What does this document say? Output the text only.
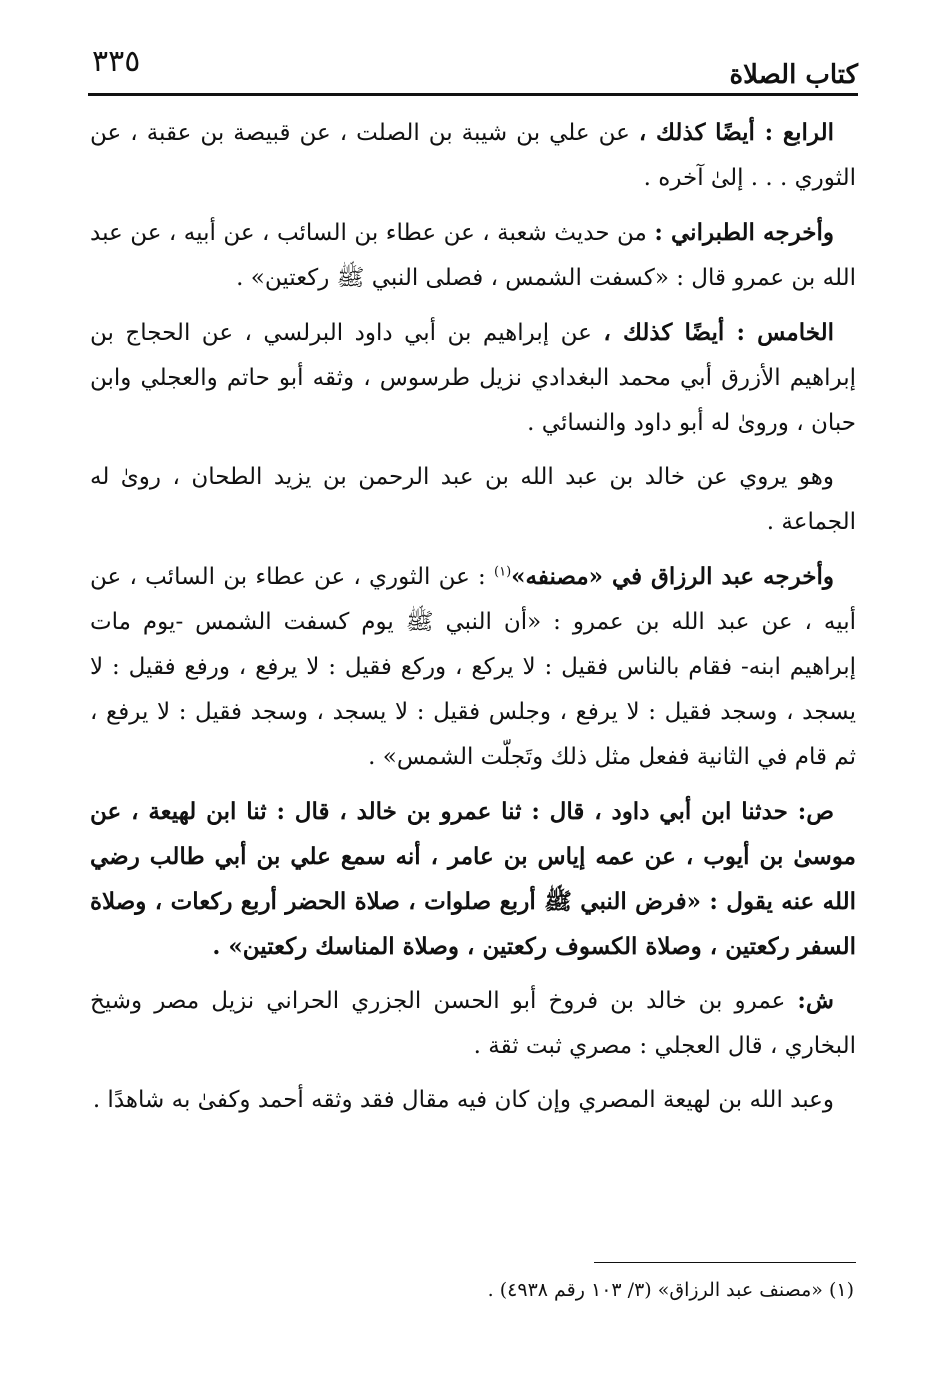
كتاب الصلاة
٣٣٥

الرابع : أيضًا كذلك ، عن علي بن شيبة بن الصلت ، عن قبيصة بن عقبة ، عن الثوري . . . إلىٰ آخره .

وأخرجه الطبراني : من حديث شعبة ، عن عطاء بن السائب ، عن أبيه ، عن عبد الله بن عمرو قال : «كسفت الشمس ، فصلى النبي ﷺ ركعتين» .

الخامس : أيضًا كذلك ، عن إبراهيم بن أبي داود البرلسي ، عن الحجاج بن إبراهيم الأزرق أبي محمد البغدادي نزيل طرسوس ، وثقه أبو حاتم والعجلي وابن حبان ، وروىٰ له أبو داود والنسائي .

وهو يروي عن خالد بن عبد الله بن عبد الرحمن بن يزيد الطحان ، روىٰ له الجماعة .

وأخرجه عبد الرزاق في «مصنفه»$^{(١)}$ : عن الثوري ، عن عطاء بن السائب ، عن أبيه ، عن عبد الله بن عمرو : «أن النبي ﷺ يوم كسفت الشمس -يوم مات إبراهيم ابنه- فقام بالناس فقيل : لا يركع ، وركع فقيل : لا يرفع ، ورفع فقيل : لا يسجد ، وسجد فقيل : لا يرفع ، وجلس فقيل : لا يسجد ، وسجد فقيل : لا يرفع ، ثم قام في الثانية ففعل مثل ذلك وتَجلّت الشمس» .

ص: حدثنا ابن أبي داود ، قال : ثنا عمرو بن خالد ، قال : ثنا ابن لهيعة ، عن موسىٰ بن أيوب ، عن عمه إياس بن عامر ، أنه سمع علي بن أبي طالب رضي الله عنه يقول : «فرض النبي ﷺ أربع صلوات ، صلاة الحضر أربع ركعات ، وصلاة السفر ركعتين ، وصلاة الكسوف ركعتين ، وصلاة المناسك ركعتين» .

ش: عمرو بن خالد بن فروخ أبو الحسن الجزري الحراني نزيل مصر وشيخ البخاري ، قال العجلي : مصري ثبت ثقة .

وعبد الله بن لهيعة المصري وإن كان فيه مقال فقد وثقه أحمد وكفىٰ به شاهدًا .

(١) «مصنف عبد الرزاق» (٣/ ١٠٣ رقم ٤٩٣٨) .
